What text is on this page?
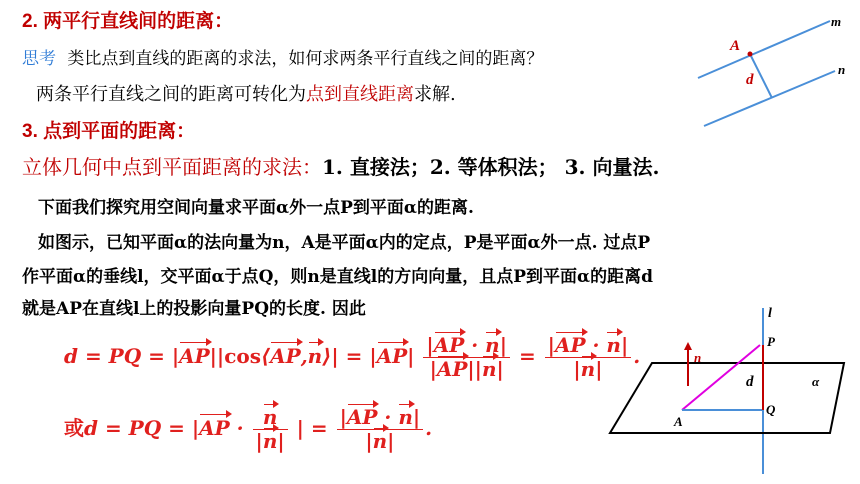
2. 两平行直线间的距离：
思考 类比点到直线的距离的求法，如何求两条平行直线之间的距离？
两条平行直线之间的距离可转化为点到直线距离求解.
3. 点到平面的距离：
立体几何中点到平面距离的求法：1. 直接法；2. 等体积法； 3. 向量法.
下面我们探究用空间向量求平面α外一点P到平面α的距离.
如图示，已知平面α的法向量为n，A是平面α内的定点，P是平面α外一点. 过点P
作平面α的垂线l，交平面α于点Q，则n是直线l的方向向量，且点P到平面α的距离d
就是AP在直线l上的投影向量PQ的长度. 因此
d = PQ = |AP||cos⟨AP,n⟩| = $|AP| \frac{|AP \cdot n|}{|AP||n|} = \frac{|AP \cdot n|}{|n|}$ .
或d = PQ = $|AP \cdot \frac{n}{|n|}$ | = $\frac{|AP \cdot n|}{|n|}$ .
m
n
A
d
l
P
n
d	α
Q
A
